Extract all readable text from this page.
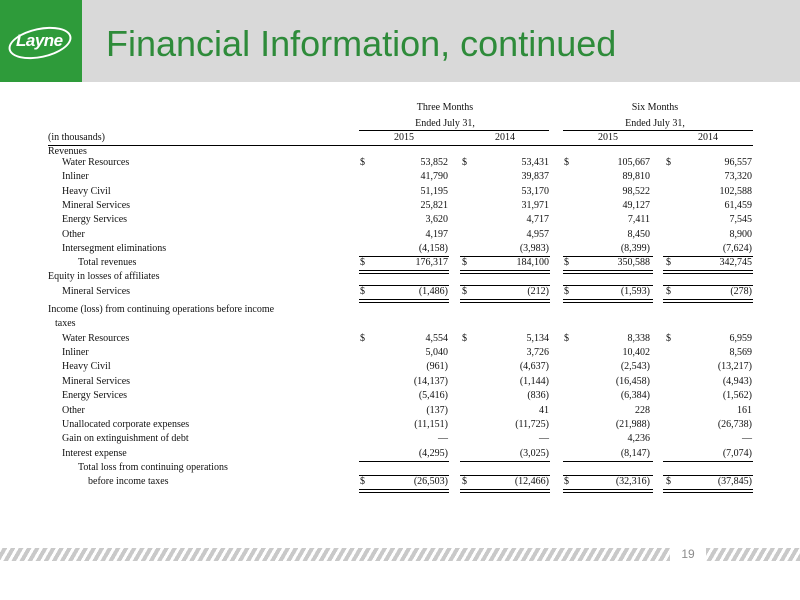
Layne Financial Information, continued
Three Months
Ended July 31,
Six Months
Ended July 31,
(in thousands)	2015	2014	2015	2014
Revenues
Water Resources	$	53,852 $	53,431 $	105,667 $	96,557
Inliner	41,790	39,837	89,810	73,320
Heavy Civil	51,195	53,170	98,522	102,588
Mineral Services	25,821	31,971	49,127	61,459
Energy Services	3,620	4,717	7,411	7,545
Other	4,197	4,957	8,450	8,900
Intersegment eliminations	(4,158)	(3,983)	(8,399)	(7,624)
Total revenues	$	176,317 $	184,100 $	350,588 $	342,745
Equity in losses of affiliates
Mineral Services	$	(1,486) $	(212) $	(1,593) $	(278)
Income (loss) from continuing operations before income
taxes
Water Resources	$	4,554 $	5,134 $	8,338 $	6,959
Inliner	5,040	3,726	10,402	8,569
Heavy Civil	(961)	(4,637)	(2,543)	(13,217)
Mineral Services	(14,137)	(1,144)	(16,458)	(4,943)
Energy Services	(5,416)	(836)	(6,384)	(1,562)
Other	(137)	41	228	161
Unallocated corporate expenses	(11,151)	(11,725)	(21,988)	(26,738)
Gain on extinguishment of debt	—	—	4,236	—
Interest expense	(4,295)	(3,025)	(8,147)	(7,074)
Total loss from continuing operations
before income taxes	$	(26,503) $	(12,466) $	(32,316) $	(37,845)
19
